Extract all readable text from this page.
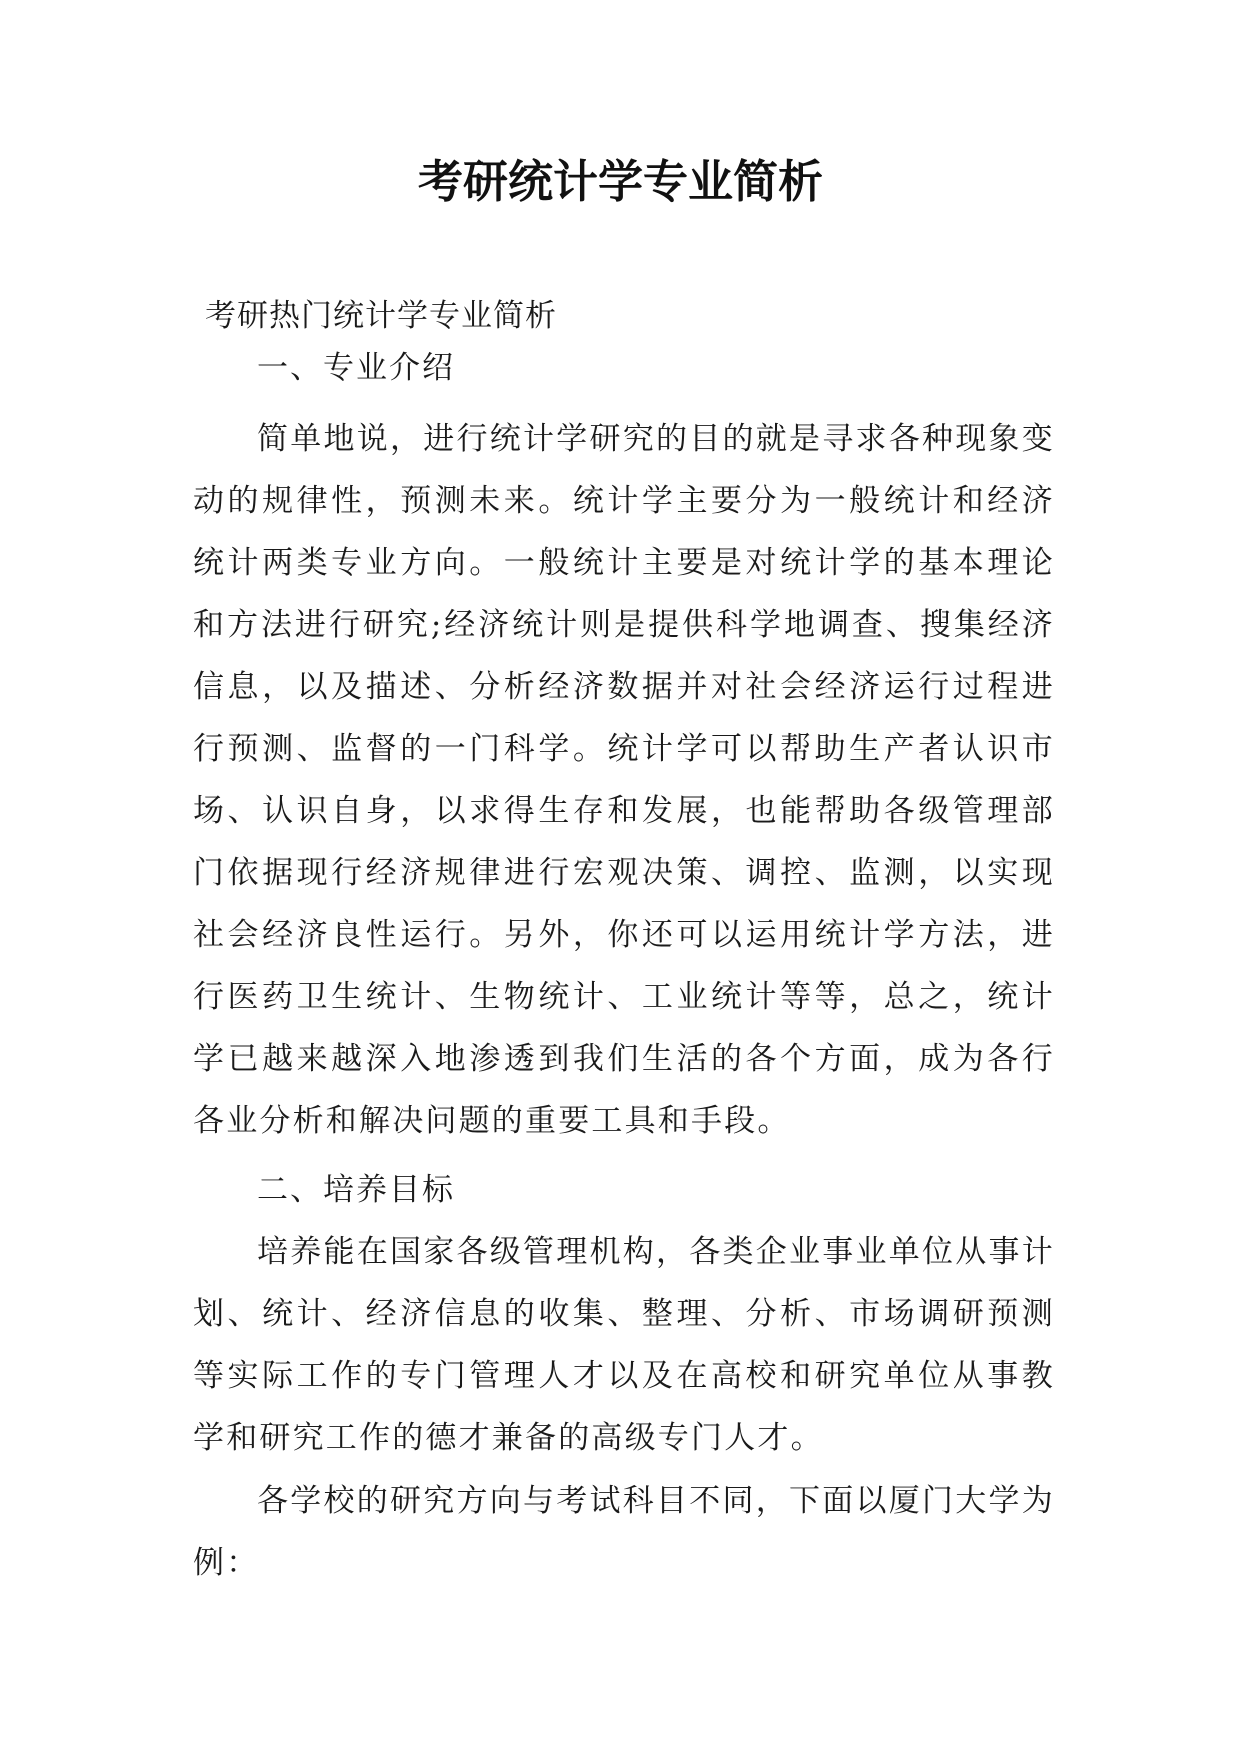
考研统计学专业简析

考研热门统计学专业简析

一、专业介绍

简单地说，进行统计学研究的目的就是寻求各种现象变动的规律性，预测未来。统计学主要分为一般统计和经济统计两类专业方向。一般统计主要是对统计学的基本理论和方法进行研究;经济统计则是提供科学地调查、搜集经济信息，以及描述、分析经济数据并对社会经济运行过程进行预测、监督的一门科学。统计学可以帮助生产者认识市场、认识自身，以求得生存和发展，也能帮助各级管理部门依据现行经济规律进行宏观决策、调控、监测，以实现社会经济良性运行。另外，你还可以运用统计学方法，进行医药卫生统计、生物统计、工业统计等等，总之，统计学已越来越深入地渗透到我们生活的各个方面，成为各行各业分析和解决问题的重要工具和手段。

二、培养目标

培养能在国家各级管理机构，各类企业事业单位从事计划、统计、经济信息的收集、整理、分析、市场调研预测等实际工作的专门管理人才以及在高校和研究单位从事教学和研究工作的德才兼备的高级专门人才。

各学校的研究方向与考试科目不同，下面以厦门大学为例：
